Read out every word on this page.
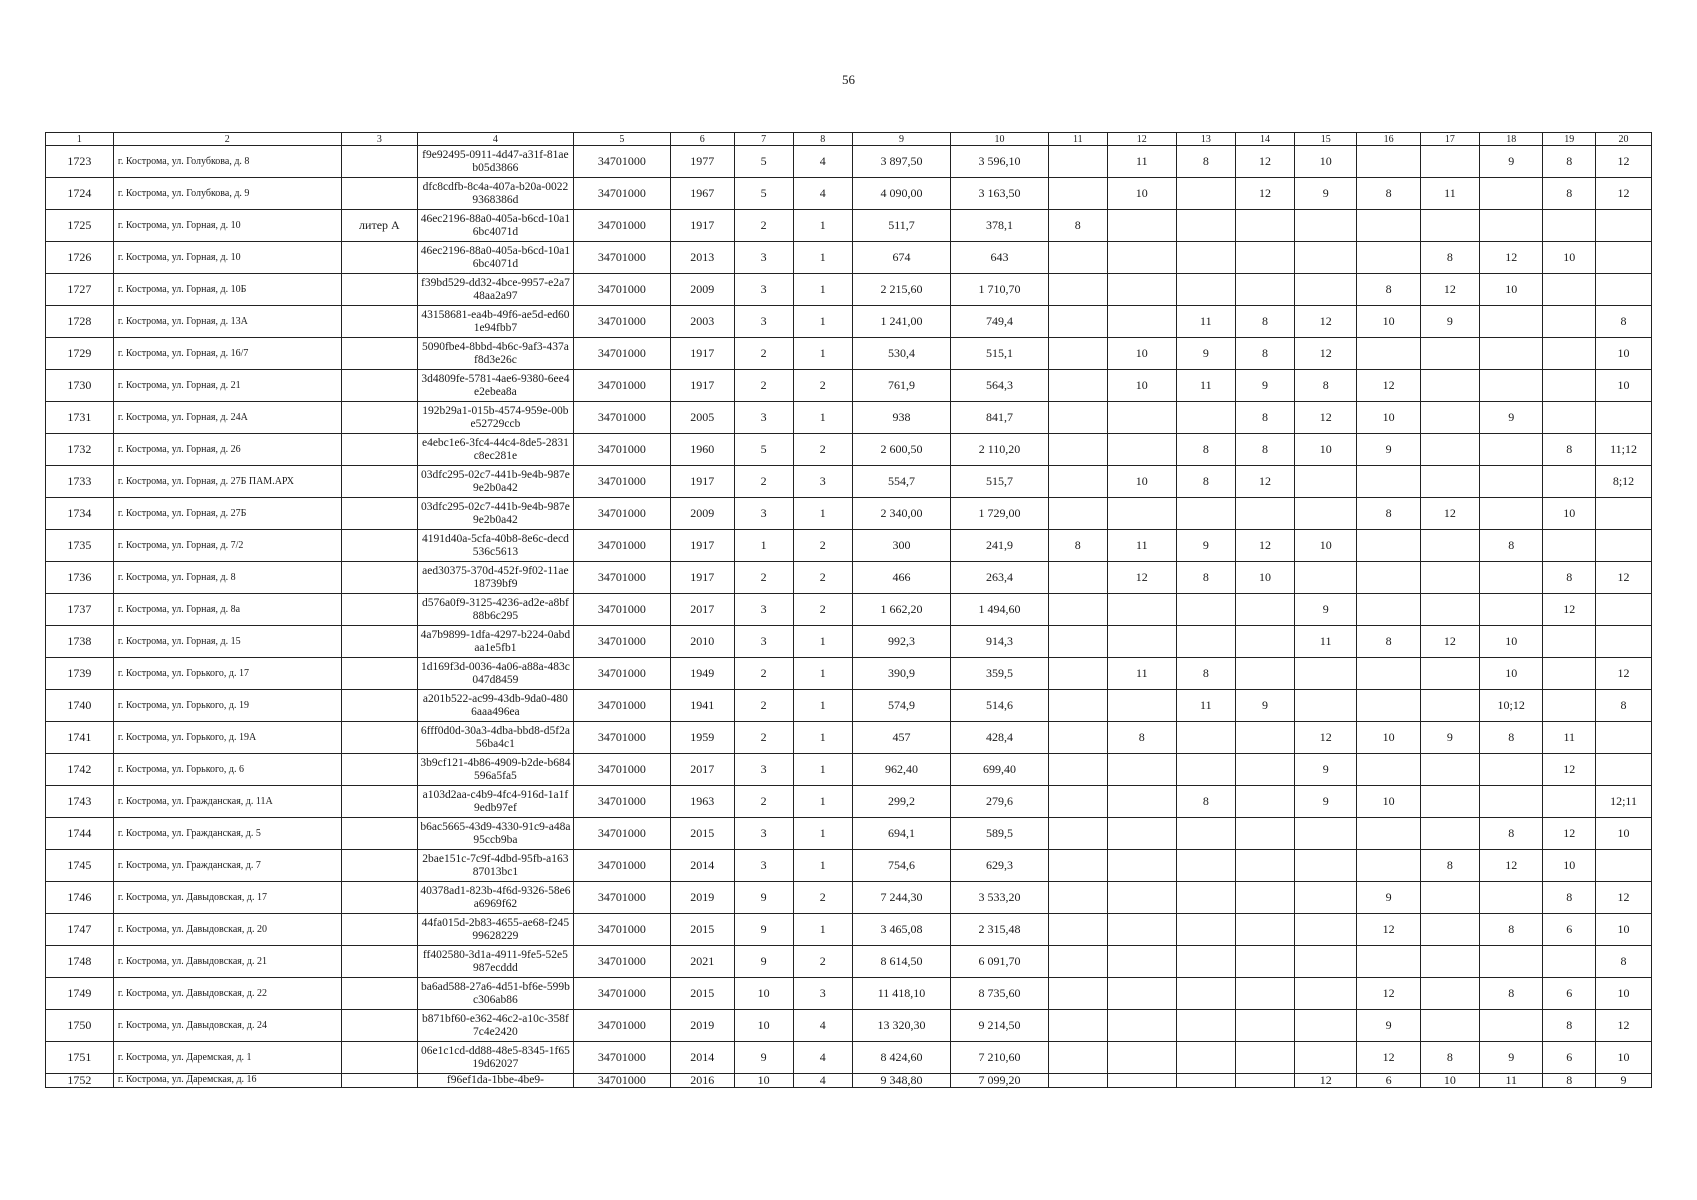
56
1	2	3	4	5	6	7	8	9	10	11	12	13	14	15	16	17	18	19	20
1723	г. Кострома, ул. Голубкова, д. 8		f9e92495-0911-4d47-a31f-81aeb05d3866	34701000	1977	5	4	3 897,50	3 596,10		11	8	12	10			9	8	12
1724	г. Кострома, ул. Голубкова, д. 9		dfc8cdfb-8c4a-407a-b20a-00229368386d	34701000	1967	5	4	4 090,00	3 163,50		10		12	9	8	11		8	12
1725	г. Кострома, ул. Горная, д. 10	литер А	46ec2196-88a0-405a-b6cd-10a16bc4071d	34701000	1917	2	1	511,7	378,1	8									
1726	г. Кострома, ул. Горная, д. 10		46ec2196-88a0-405a-b6cd-10a16bc4071d	34701000	2013	3	1	674	643							8	12	10	
1727	г. Кострома, ул. Горная, д. 10Б		f39bd529-dd32-4bce-9957-e2a748aa2a97	34701000	2009	3	1	2 215,60	1 710,70						8	12	10		
1728	г. Кострома, ул. Горная, д. 13А		43158681-ea4b-49f6-ae5d-ed601e94fbb7	34701000	2003	3	1	1 241,00	749,4			11	8	12	10	9			8
1729	г. Кострома, ул. Горная, д. 16/7		5090fbe4-8bbd-4b6c-9af3-437af8d3e26c	34701000	1917	2	1	530,4	515,1		10	9	8	12					10
1730	г. Кострома, ул. Горная, д. 21		3d4809fe-5781-4ae6-9380-6ee4e2ebea8a	34701000	1917	2	2	761,9	564,3		10	11	9	8	12				10
1731	г. Кострома, ул. Горная, д. 24А		192b29a1-015b-4574-959e-00be52729ccb	34701000	2005	3	1	938	841,7				8	12	10		9		
1732	г. Кострома, ул. Горная, д. 26		e4ebc1e6-3fc4-44c4-8de5-2831c8ec281e	34701000	1960	5	2	2 600,50	2 110,20			8	8	10	9			8	11;12
1733	г. Кострома, ул. Горная, д. 27Б ПАМ.АРХ		03dfc295-02c7-441b-9e4b-987e9e2b0a42	34701000	1917	2	3	554,7	515,7		10	8	12						8;12
1734	г. Кострома, ул. Горная, д. 27Б		03dfc295-02c7-441b-9e4b-987e9e2b0a42	34701000	2009	3	1	2 340,00	1 729,00						8	12		10	
1735	г. Кострома, ул. Горная, д. 7/2		4191d40a-5cfa-40b8-8e6c-decd536c5613	34701000	1917	1	2	300	241,9	8	11	9	12	10			8		
1736	г. Кострома, ул. Горная, д. 8		aed30375-370d-452f-9f02-11ae18739bf9	34701000	1917	2	2	466	263,4		12	8	10					8	12
1737	г. Кострома, ул. Горная, д. 8а		d576a0f9-3125-4236-ad2e-a8bf88b6c295	34701000	2017	3	2	1 662,20	1 494,60					9				12	
1738	г. Кострома, ул. Горная, д. 15		4a7b9899-1dfa-4297-b224-0abdaa1e5fb1	34701000	2010	3	1	992,3	914,3					11	8	12	10		
1739	г. Кострома, ул. Горького, д. 17		1d169f3d-0036-4a06-a88a-483c047d8459	34701000	1949	2	1	390,9	359,5		11	8					10		12
1740	г. Кострома, ул. Горького, д. 19		a201b522-ac99-43db-9da0-4806aaa496ea	34701000	1941	2	1	574,9	514,6			11	9				10;12		8
1741	г. Кострома, ул. Горького, д. 19А		6fff0d0d-30a3-4dba-bbd8-d5f2a56ba4c1	34701000	1959	2	1	457	428,4		8			12	10	9	8	11	
1742	г. Кострома, ул. Горького, д. 6		3b9cf121-4b86-4909-b2de-b684596a5fa5	34701000	2017	3	1	962,40	699,40					9				12	
1743	г. Кострома, ул. Гражданская, д. 11А		a103d2aa-c4b9-4fc4-916d-1a1f9edb97ef	34701000	1963	2	1	299,2	279,6			8		9	10				12;11
1744	г. Кострома, ул. Гражданская, д. 5		b6ac5665-43d9-4330-91c9-a48a95ccb9ba	34701000	2015	3	1	694,1	589,5								8	12	10
1745	г. Кострома, ул. Гражданская, д. 7		2bae151c-7c9f-4dbd-95fb-a16387013bc1	34701000	2014	3	1	754,6	629,3							8	12	10	
1746	г. Кострома, ул. Давыдовская, д. 17		40378ad1-823b-4f6d-9326-58e6a6969f62	34701000	2019	9	2	7 244,30	3 533,20						9			8	12
1747	г. Кострома, ул. Давыдовская, д. 20		44fa015d-2b83-4655-ae68-f24599628229	34701000	2015	9	1	3 465,08	2 315,48						12		8	6	10
1748	г. Кострома, ул. Давыдовская, д. 21		ff402580-3d1a-4911-9fe5-52e5987ecddd	34701000	2021	9	2	8 614,50	6 091,70										8
1749	г. Кострома, ул. Давыдовская, д. 22		ba6ad588-27a6-4d51-bf6e-599bc306ab86	34701000	2015	10	3	11 418,10	8 735,60						12		8	6	10
1750	г. Кострома, ул. Давыдовская, д. 24		b871bf60-e362-46c2-a10c-358f7c4e2420	34701000	2019	10	4	13 320,30	9 214,50						9			8	12
1751	г. Кострома, ул. Даремская, д. 1		06e1c1cd-dd88-48e5-8345-1f6519d62027	34701000	2014	9	4	8 424,60	7 210,60						12	8	9	6	10
1752	г. Кострома, ул. Даремская, д. 16		f96ef1da-1bbe-4be9-	34701000	2016	10	4	9 348,80	7 099,20					12	6	10	11	8	9
